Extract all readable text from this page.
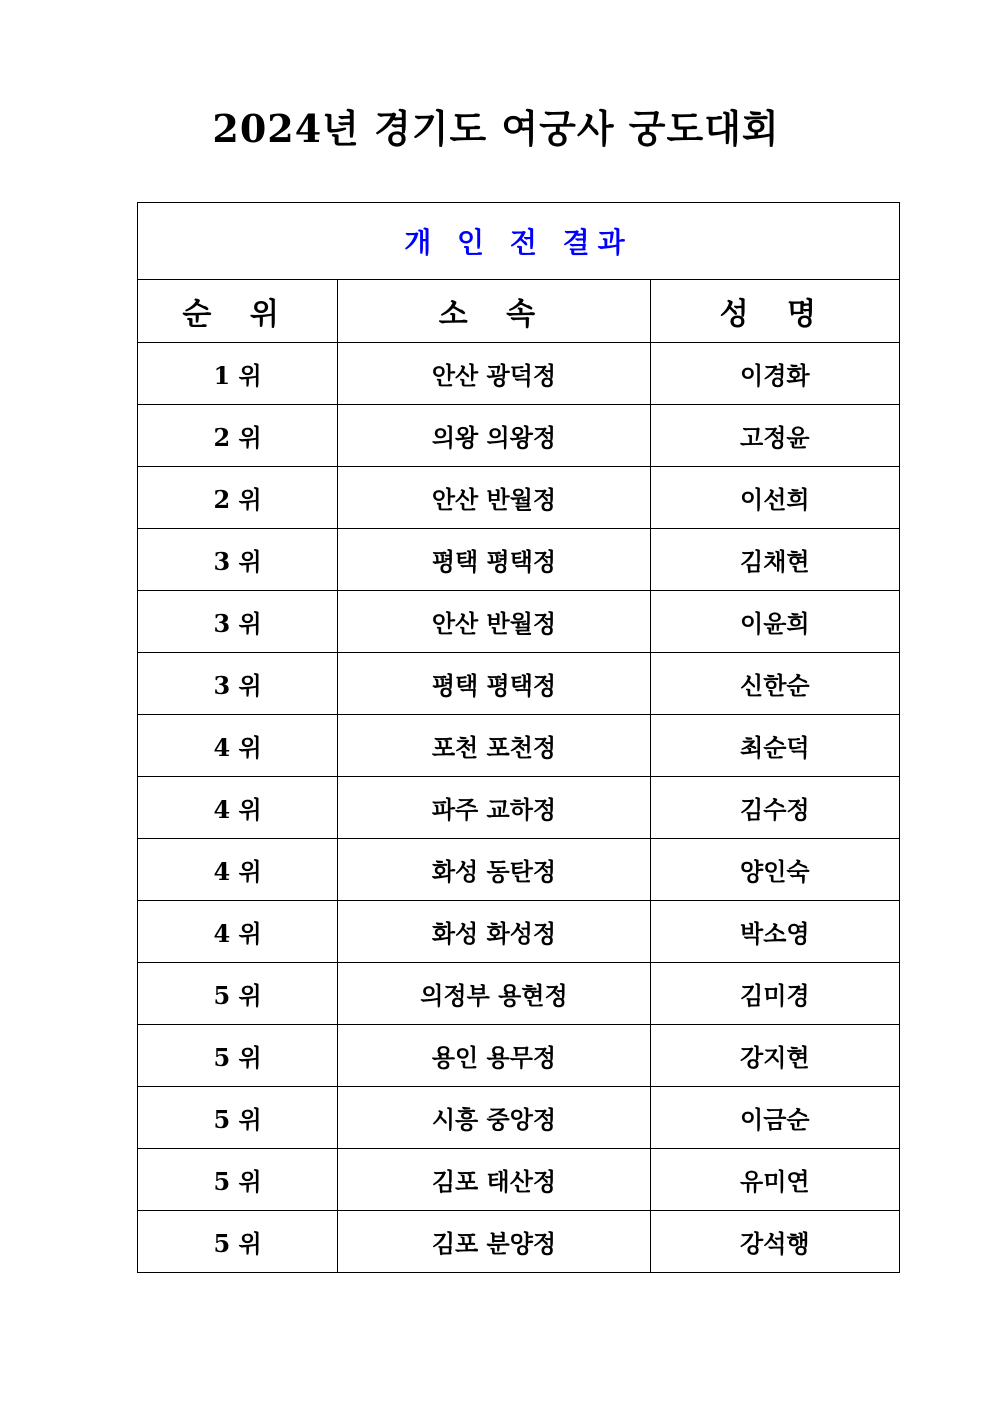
2024년 경기도 여궁사 궁도대회
개 인 전 결과		
순 위	소 속	성 명
1 위	안산 광덕정	이경화
2 위	의왕 의왕정	고정윤
2 위	안산 반월정	이선희
3 위	평택 평택정	김채현
3 위	안산 반월정	이윤희
3 위	평택 평택정	신한순
4 위	포천 포천정	최순덕
4 위	파주 교하정	김수정
4 위	화성 동탄정	양인숙
4 위	화성 화성정	박소영
5 위	의정부 용현정	김미경
5 위	용인 용무정	강지현
5 위	시흥 중앙정	이금순
5 위	김포 태산정	유미연
5 위	김포 분양정	강석행
